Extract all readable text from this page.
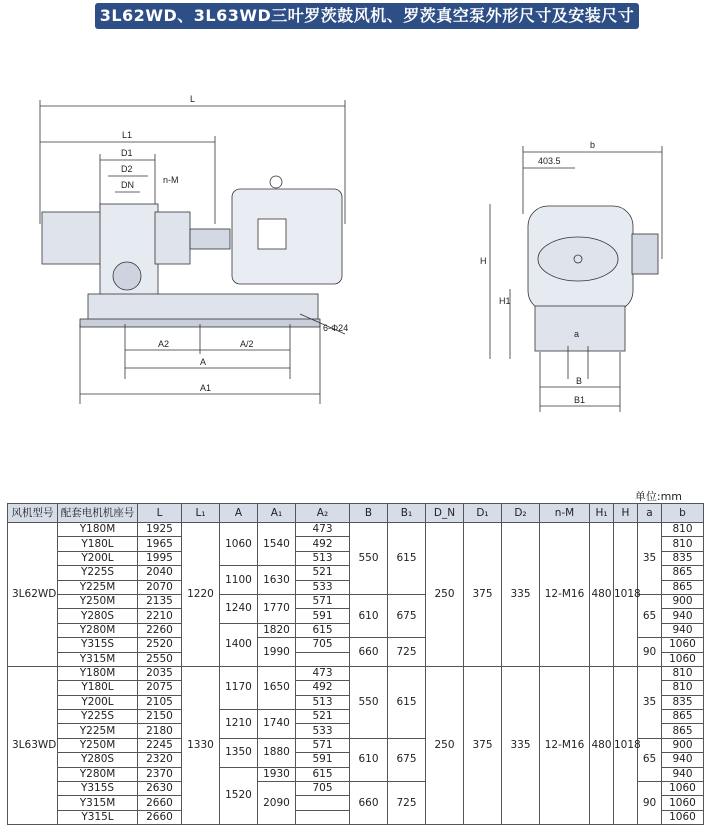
3L62WD、3L63WD三叶罗茨鼓风机、罗茨真空泵外形尺寸及安装尺寸图
L
L1
D1
D2
DN	n-M
A2	A/2
A
A1
6-Φ24
b
403.5
H
H1
a
B
B1
单位:mm
风机型号	配套电机机座号	L	L₁	A	A₁	A₂	B	B₁	D_N	D₁	D₂	n-M	H₁	H	a	b
3L62WD	Y180M	1925	1220	1060	1540	473	550	615	250	375	335	12-M16	480	1018	35	810
	Y180L	1965				492										810
	Y200L	1995				513										835
	Y225S	2040		1100	1630	521										865
	Y225M	2070				533										865
	Y250M	2135		1240	1770	571	610	675							65	900
	Y280S	2210				591										940
	Y280M	2260		1400	1820	615										940
	Y315S	2520			1990	705	660	725							90	1060
	Y315M	2550														1060
3L63WD	Y180M	2035	1330	1170	1650	473	550	615	250	375	335	12-M16	480	1018	35	810
	Y180L	2075				492										810
	Y200L	2105				513										835
	Y225S	2150		1210	1740	521										865
	Y225M	2180				533										865
	Y250M	2245		1350	1880	571	610	675							65	900
	Y280S	2320				591										940
	Y280M	2370		1520	1930	615										940
	Y315S	2630			2090	705	660	725							90	1060
	Y315M	2660														1060
	Y315L	2660														1060
